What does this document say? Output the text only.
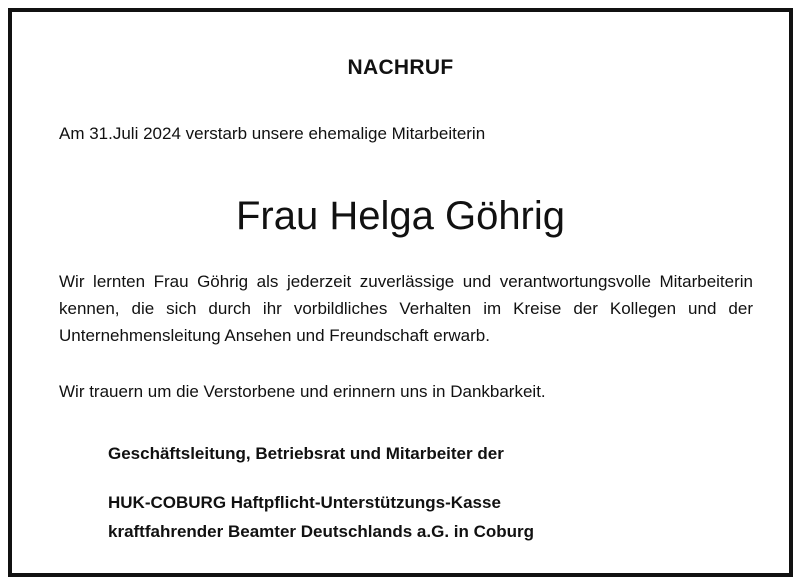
NACHRUF
Am 31.Juli 2024 verstarb unsere ehemalige Mitarbeiterin
Frau Helga Göhrig
Wir lernten Frau Göhrig als jederzeit zuverlässige und verantwortungsvolle Mitarbeiterin kennen, die sich durch ihr vorbildliches Verhalten im Kreise der Kollegen und der Unternehmensleitung Ansehen und Freundschaft erwarb.
Wir trauern um die Verstorbene und erinnern uns in Dankbarkeit.
Geschäftsleitung, Betriebsrat und Mitarbeiter der
HUK-COBURG Haftpflicht-Unterstützungs-Kasse
kraftfahrender Beamter Deutschlands a.G. in Coburg
